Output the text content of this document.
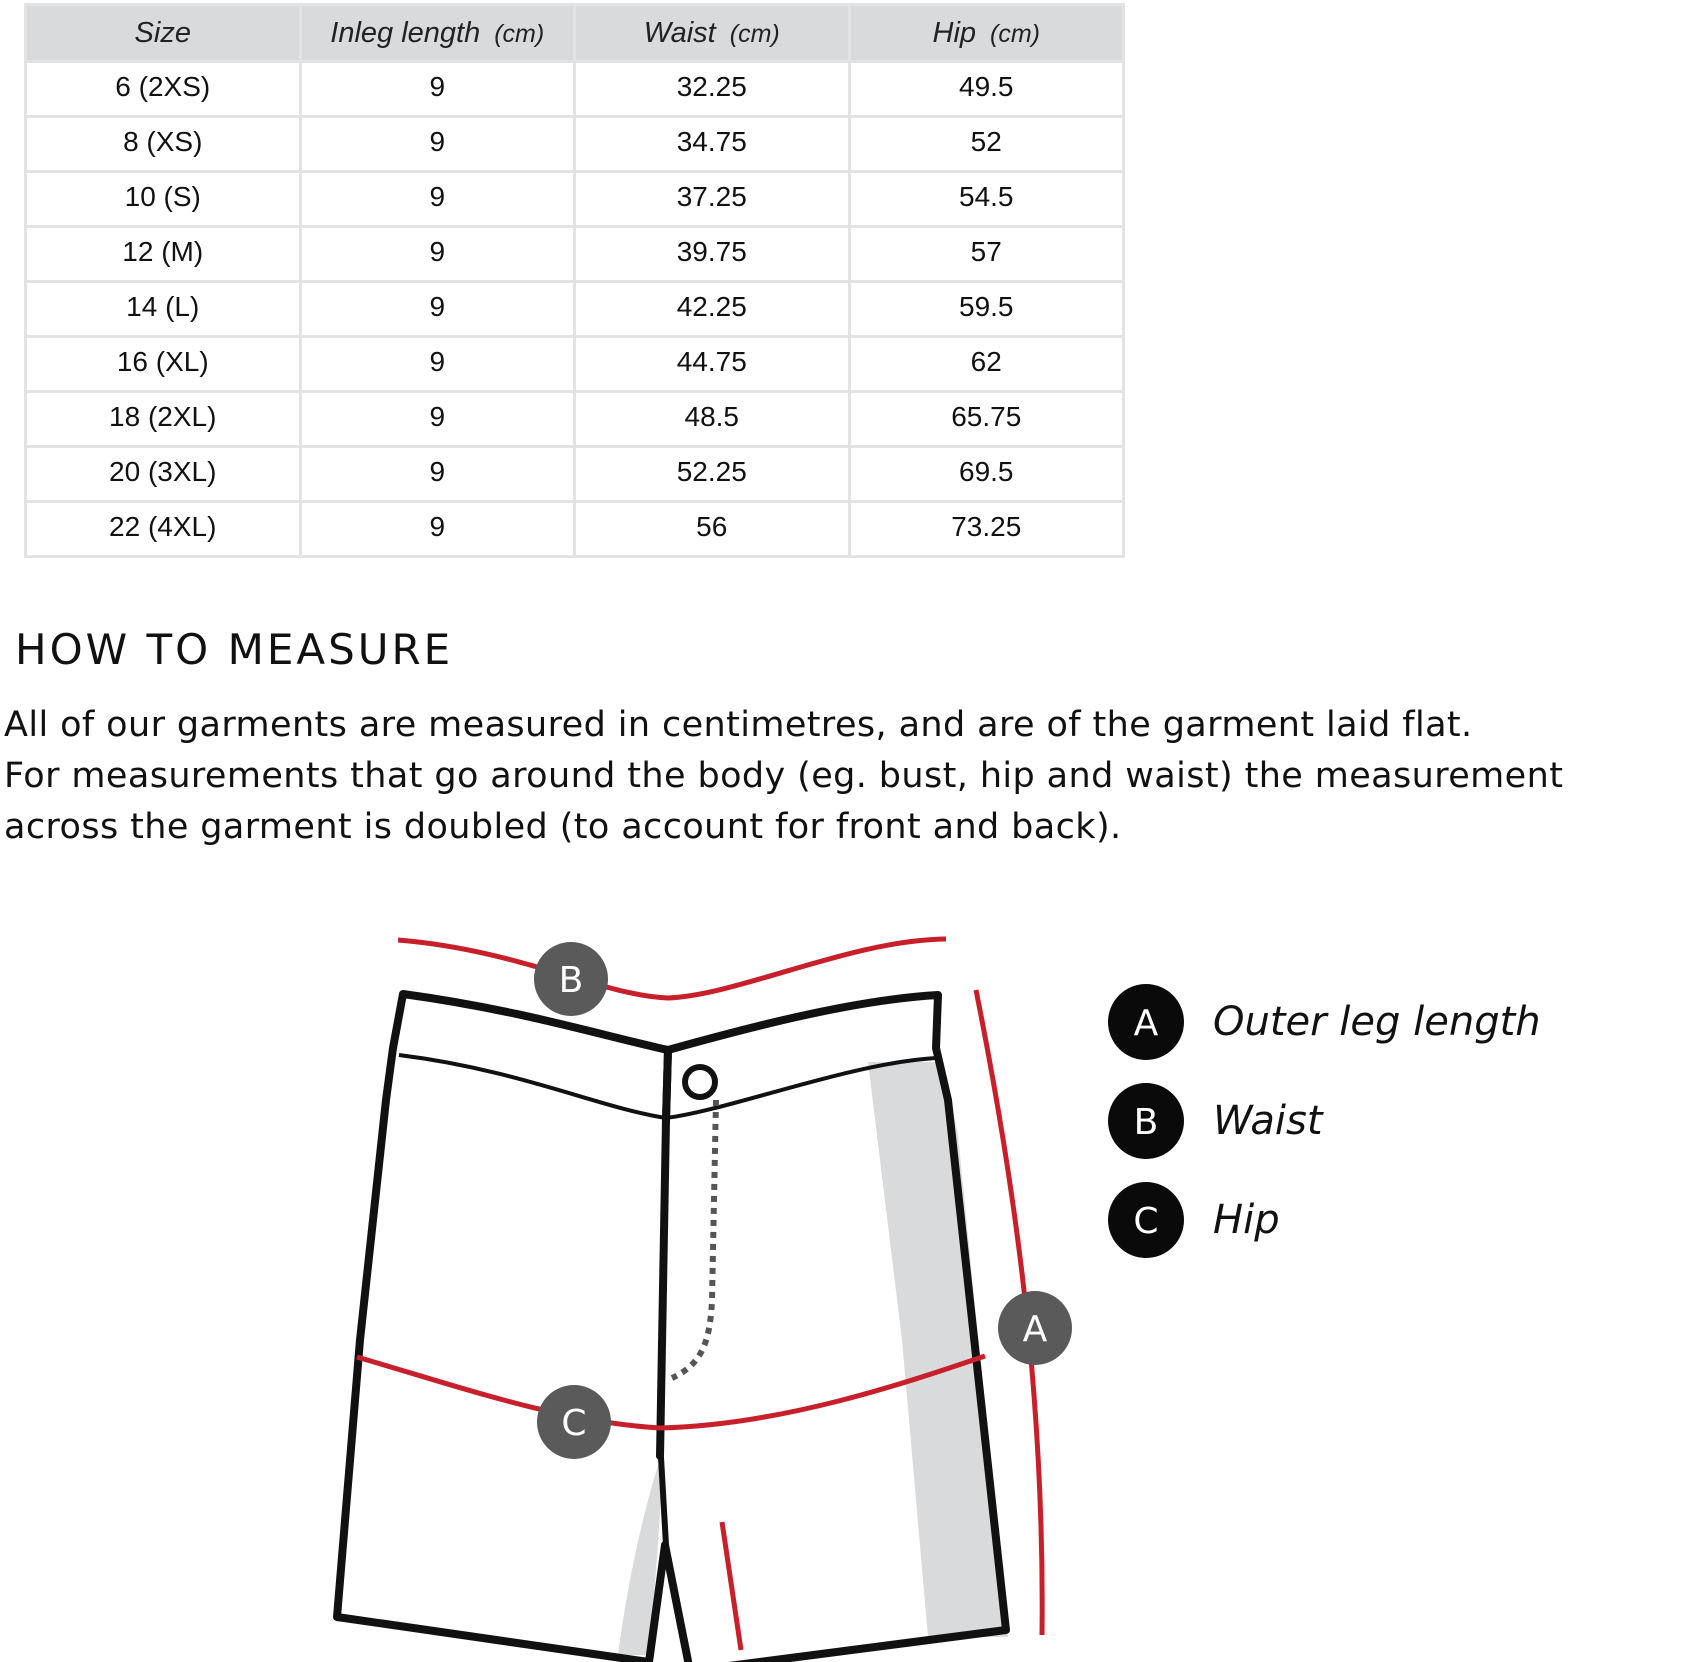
Size	Inleg length (cm)	Waist (cm)	Hip (cm)
6 (2XS)	9	32.25	49.5
8 (XS)	9	34.75	52
10 (S)	9	37.25	54.5
12 (M)	9	39.75	57
14 (L)	9	42.25	59.5
16 (XL)	9	44.75	62
18 (2XL)	9	48.5	65.75
20 (3XL)	9	52.25	69.5
22 (4XL)	9	56	73.25
HOW TO MEASURE

All of our garments are measured in centimetres, and are of the garment laid flat.
For measurements that go around the body (eg. bust, hip and waist) the measurement
across the garment is doubled (to account for front and back).

B
C
A
A Outer leg length
B Waist
C Hip
